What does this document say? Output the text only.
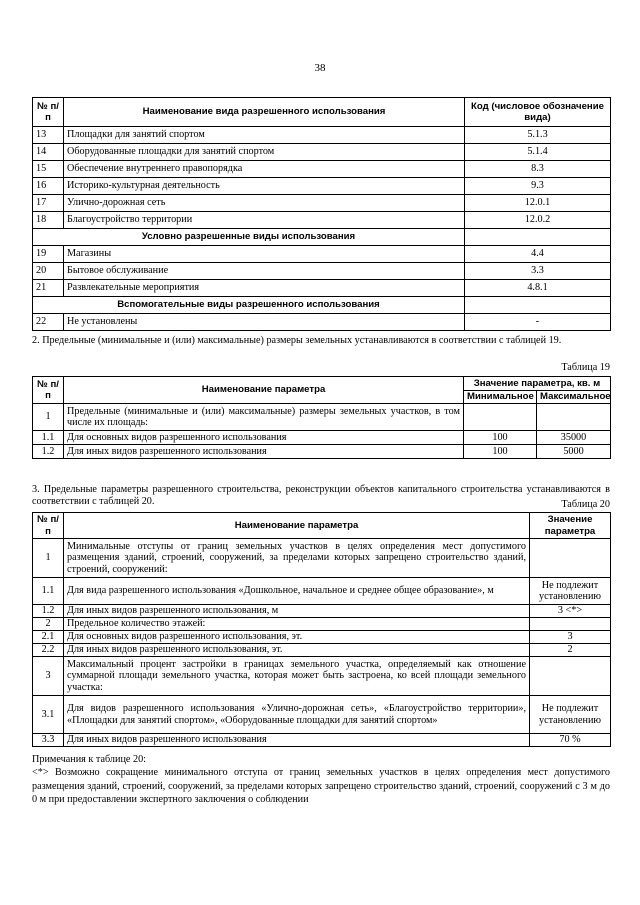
38
№ п/п	Наименование вида разрешенного использования	Код (числовое обозначение вида)
13	Площадки для занятий спортом	5.1.3
14	Оборудованные площадки для занятий спортом	5.1.4
15	Обеспечение внутреннего правопорядка	8.3
16	Историко-культурная деятельность	9.3
17	Улично-дорожная сеть	12.0.1
18	Благоустройство территории	12.0.2
Условно разрешенные виды использования		
19	Магазины	4.4
20	Бытовое обслуживание	3.3
21	Развлекательные мероприятия	4.8.1
Вспомогательные виды разрешенного использования		
22	Не установлены	-
2. Предельные (минимальные и (или) максимальные) размеры земельных устанавливаются в соответствии с таблицей 19.
Таблица 19
№ п/п	Наименование параметра	Значение параметра, кв. м	
		Минимальное	Максимальное
1	Предельные (минимальные и (или) максимальные) размеры земельных участков, в том числе их площадь:		
1.1	Для основных видов разрешенного использования	100	35000
1.2	Для иных видов разрешенного использования	100	5000
3. Предельные параметры разрешенного строительства, реконструкции объектов капитального строительства устанавливаются в соответствии с таблицей 20.	Таблица 20
№ п/п	Наименование параметра	Значение параметра
1	Минимальные отступы от границ земельных участков в целях определения мест допустимого размещения зданий, строений, сооружений, за пределами которых запрещено строительство зданий, строений, сооружений:	
1.1	Для вида разрешенного использования «Дошкольное, начальное и среднее общее образование», м	Не подлежит установлению
1.2	Для иных видов разрешенного использования, м	3 <*>
2	Предельное количество этажей:	
2.1	Для основных видов разрешенного использования, эт.	3
2.2	Для иных видов разрешенного использования, эт.	2
3	Максимальный процент застройки в границах земельного участка, определяемый как отношение суммарной площади земельного участка, которая может быть застроена, ко всей площади земельного участка:	
3.1	Для видов разрешенного использования «Улично-дорожная сеть», «Благоустройство территории», «Площадки для занятий спортом», «Оборудованные площадки для занятий спортом»	Не подлежит установлению
3.3	Для иных видов разрешенного использования	70 %
Примечания к таблице 20:
<*> Возможно сокращение минимального отступа от границ земельных участков в целях определения мест допустимого размещения зданий, строений, сооружений, за пределами которых запрещено строительство зданий, строений, сооружений с 3 м до 0 м при предоставлении экспертного заключения о соблюдении
